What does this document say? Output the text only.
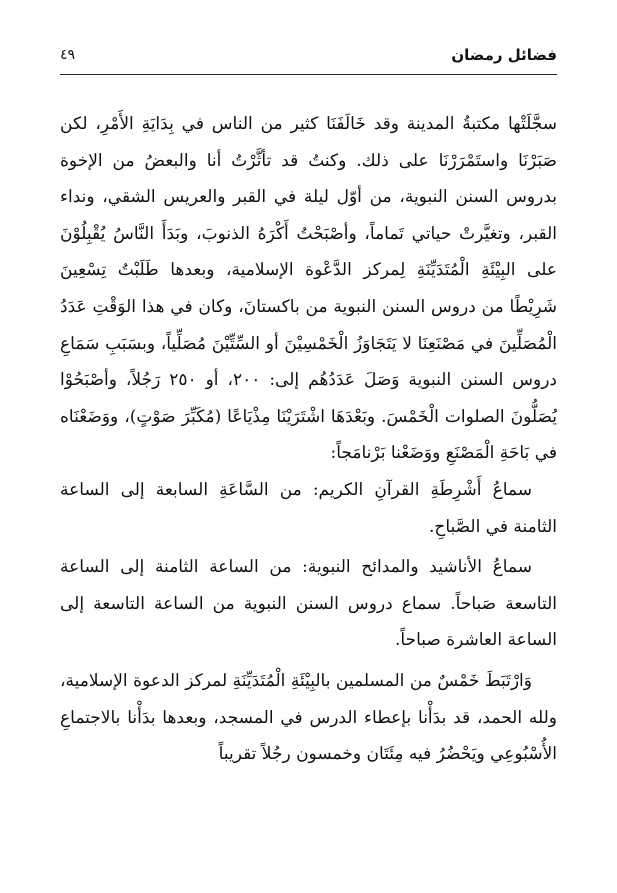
فضائل رمضان
٤٩

سجَّلَتْها مكتبةُ المدينة وقد خَالَفَنَا كثير من الناس في بِدَايَةِ الأَمْرِ، لكن صَبَرْنَا واستَمْرَرْنَا على ذلك. وكنتُ قد تأثَّرْتُ أنا والبعضُ من الإخوة بدروس السنن النبوية، من أوّل ليلة في القبر والعريس الشقي، ونداء القبر، وتغيَّرتْ حياتي تَماماً، وأصْبَحْتُ أَكْرَهُ الذنوبَ، وبَدَأَ النَّاسُ يُقْبِلُوْنَ على البِيْئَةِ الْمُتَدَيِّنَةِ لِمركز الدَّعْوة الإسلامية، وبعدها طَلَبْتُ تِسْعِينَ شَرِيْطًا من دروس السنن النبوية من باكستانَ، وكان في هذا الوَقْتِ عَدَدُ الْمُصَلِّينَ في مَصْنَعِنَا لا يَتَجَاوَزُ الْخَمْسِيْنَ أو السِّتِّيْنَ مُصَلِّياً، وبسَبَبِ سَمَاعِ دروس السنن النبوية وَصَلَ عَدَدُهُم إلى: ٢٠٠، أو ٢٥٠ رَجُلاً، وأصْبَحُوْا يُصَلُّونَ الصلوات الْخَمْسَ. وبَعْدَهَا اشْتَرَيْنَا مِذْيَاعًا (مُكَبِّرَ صَوْتٍ)، ووَضَعْنَاه في بَاحَةِ الْمَصْنَعِ ووَضَعْنا بَرْنامَجاً:

سماعُ أَشْرِطَةِ القرآنِ الكريم: من السَّاعَةِ السابعة إلى الساعة الثامنة في الصَّباحِ.

سماعُ الأناشيد والمدائح النبوية: من الساعة الثامنة إلى الساعة التاسعة صَباحاً. سماع دروس السنن النبوية من الساعة التاسعة إلى الساعة العاشرة صباحاً.

وَارْتَبَطَ خَمْسٌ من المسلمين بالبِيْئَةِ الْمُتَدَيِّنَةِ لمركز الدعوة الإسلامية، ولله الحمد، قد بدَأْنا بإعطاء الدرس في المسجد، وبعدها بدَأْنا بالاجتماعِ الأُسْبُوعِي ويَحْضُرُ فيه مِئَتَان وخمسون رجُلاً تقريباً
